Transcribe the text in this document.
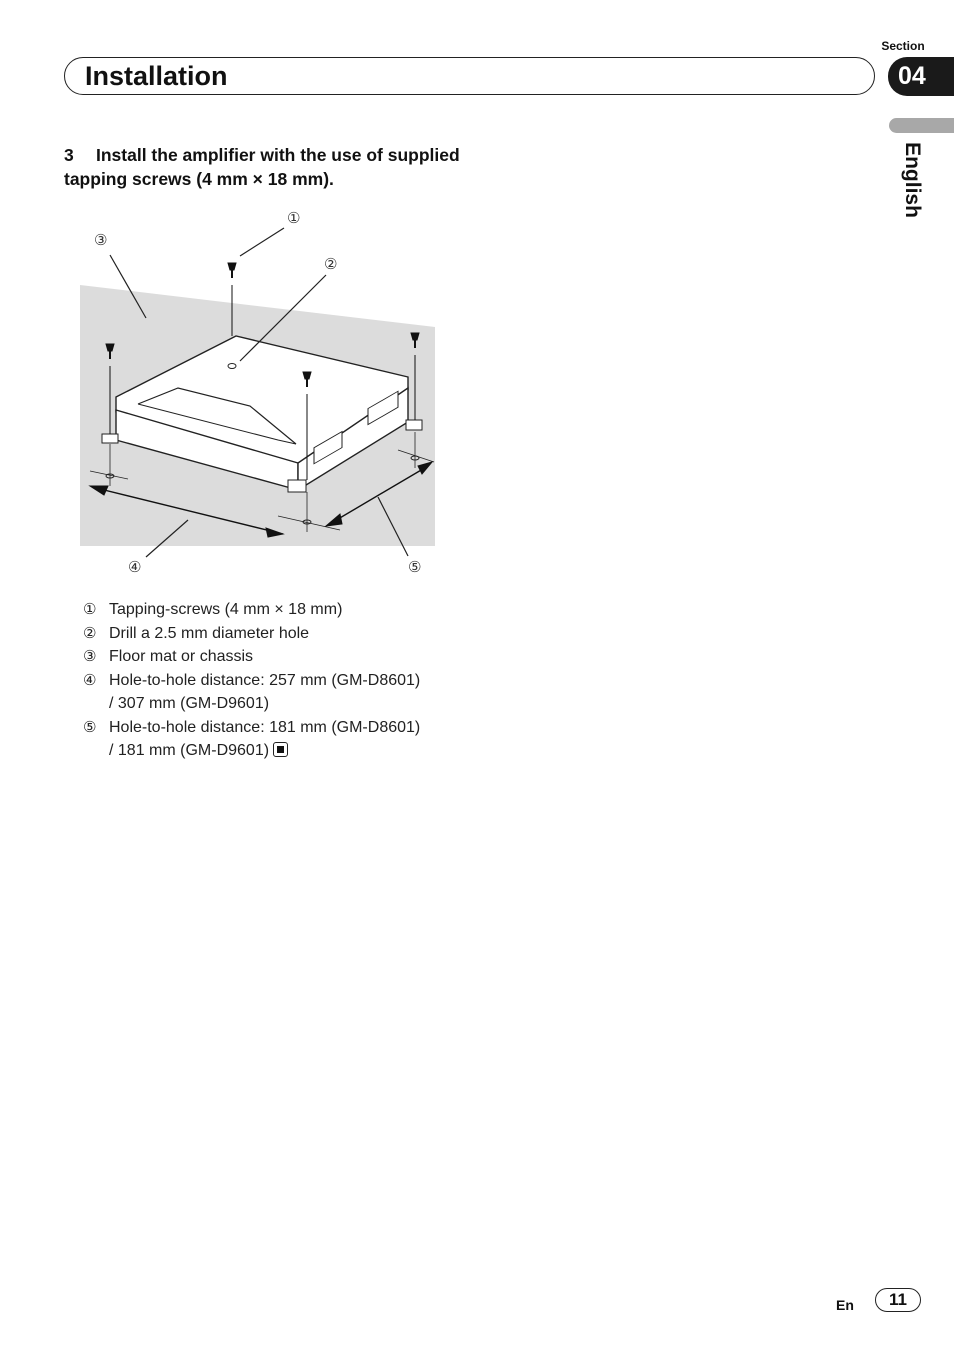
Section
04
Installation
English
3 Install the amplifier with the use of supplied tapping screws (4 mm × 18 mm).
①
②
③
④	⑤
① Tapping-screws (4 mm × 18 mm)
② Drill a 2.5 mm diameter hole
③ Floor mat or chassis
④ Hole-to-hole distance: 257 mm (GM-D8601)
/ 307 mm (GM-D9601)
⑤ Hole-to-hole distance: 181 mm (GM-D8601)
/ 181 mm (GM-D9601)
En	11
